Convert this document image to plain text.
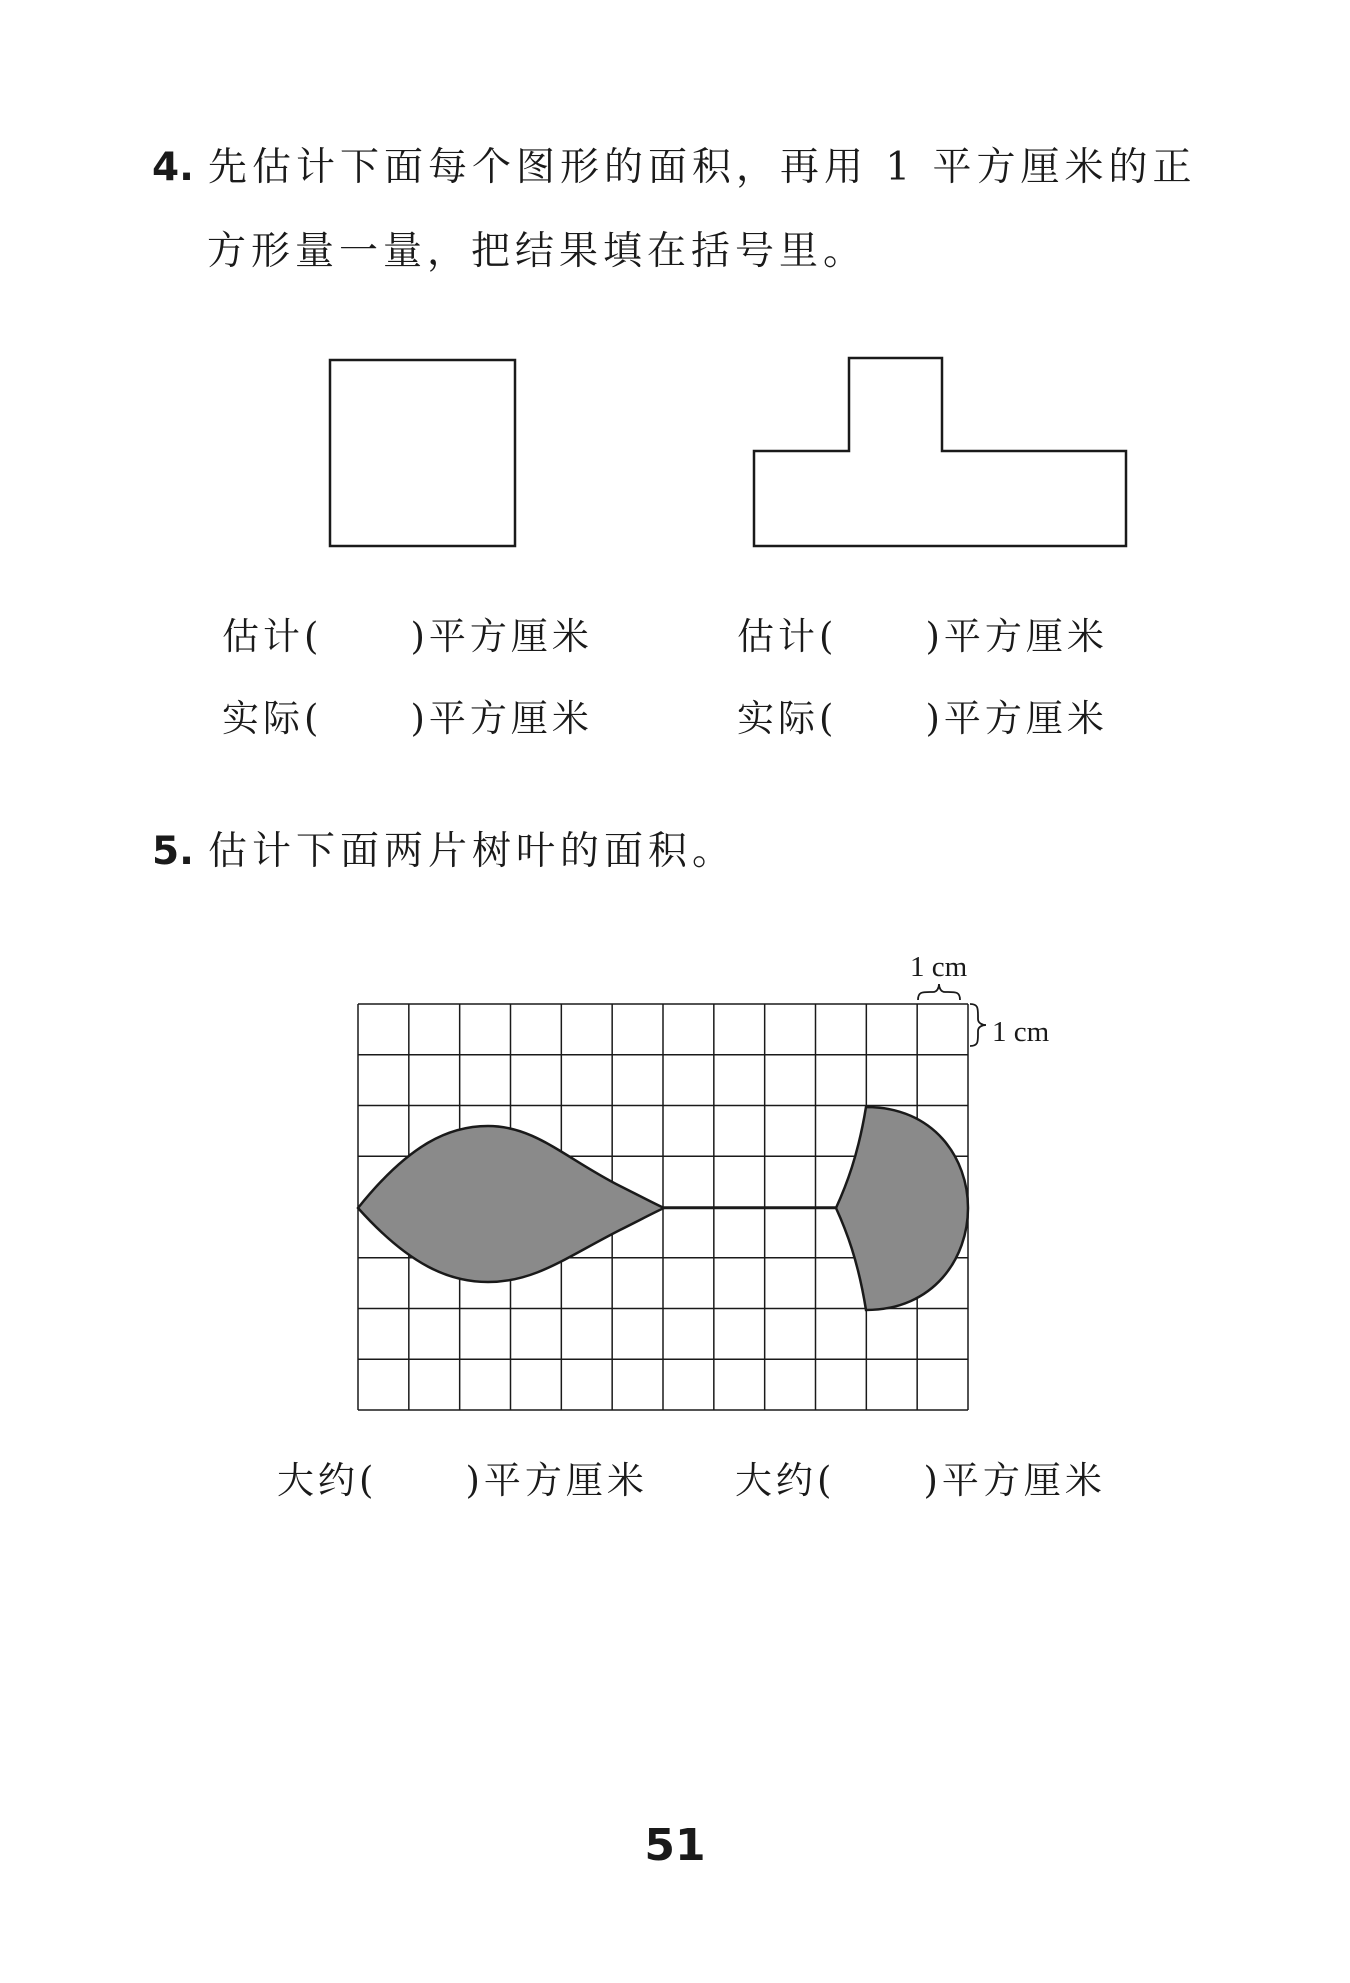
4. 先估计下面每个图形的面积，再用 1 平方厘米的正
方形量一量，把结果填在括号里。
估计( )平方厘米	估计( )平方厘米
实际( )平方厘米	实际( )平方厘米
5. 估计下面两片树叶的面积。
1 cm
1 cm
大约( )平方厘米 大约( )平方厘米
51
